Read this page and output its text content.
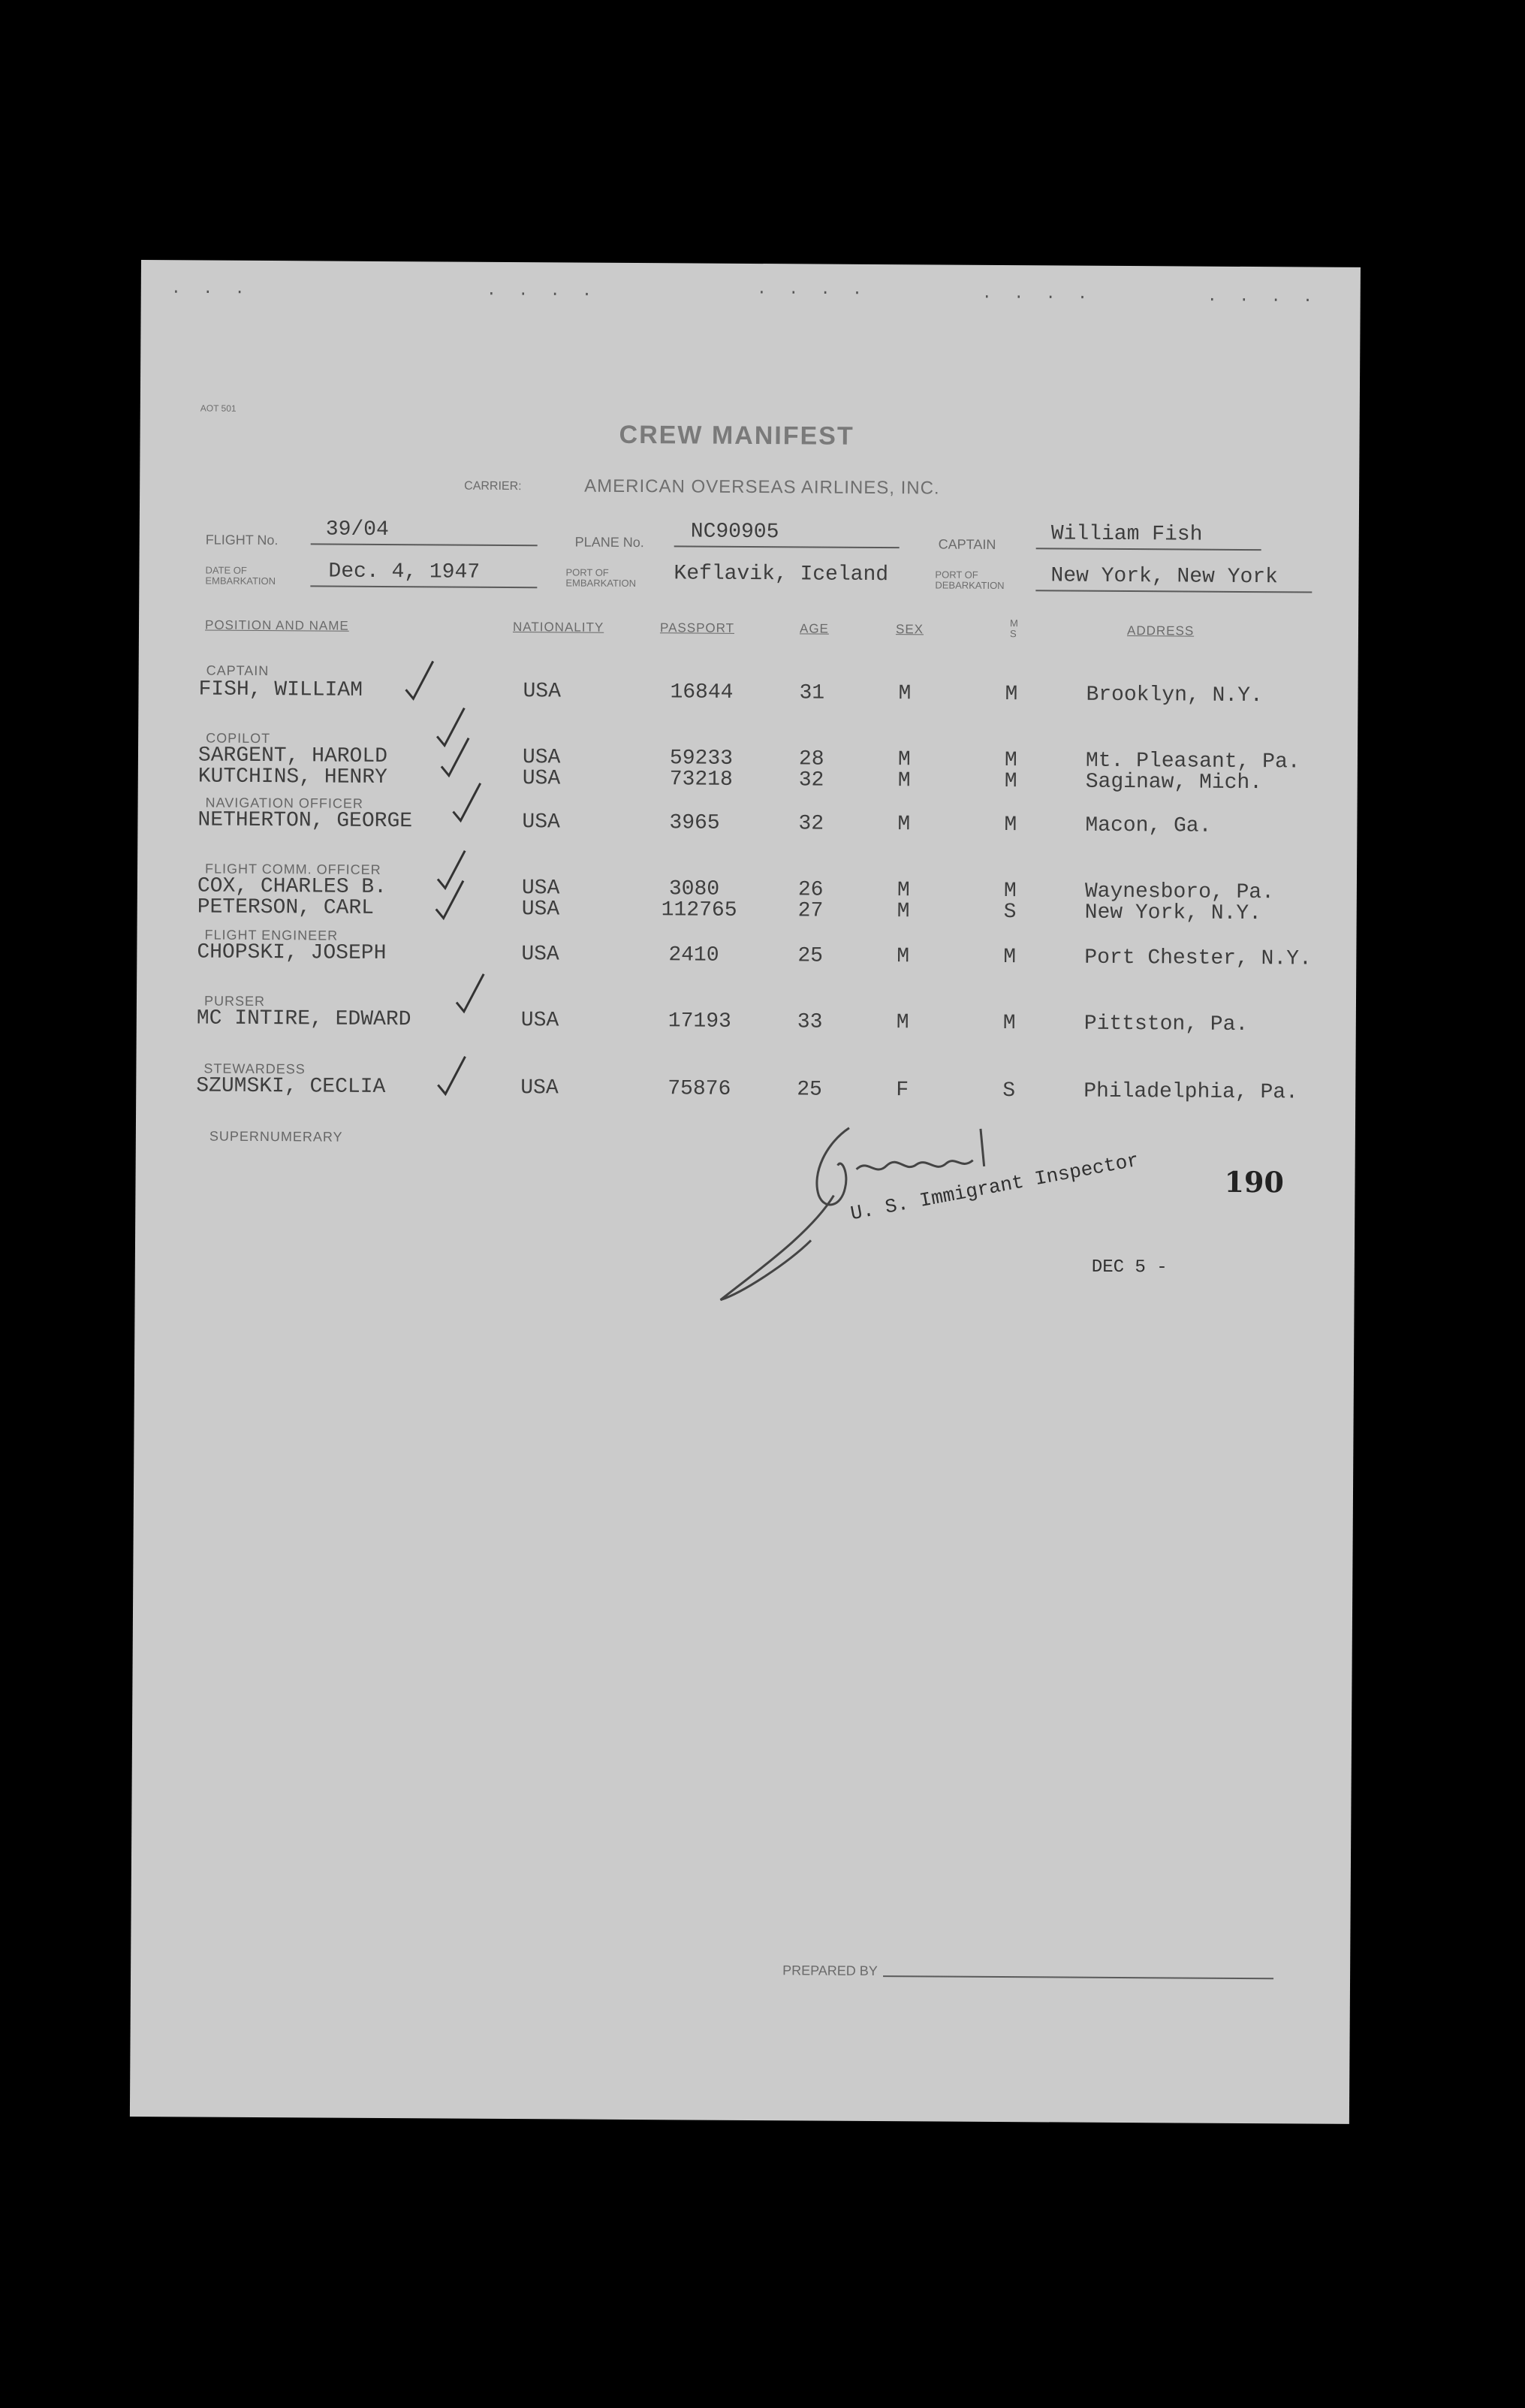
· · ·	· · · ·	· · · ·	· · · ·	· · · ·
AOT 501
CREW MANIFEST
CARRIER:	AMERICAN OVERSEAS AIRLINES, INC.
FLIGHT No. 39/04
PLANE No. NC90905
CAPTAIN	William Fish
DATE OF EMBARKATION	Dec. 4, 1947	PORT OF EMBARKATION	Keflavik, Iceland	PORT OF DEBARKATION	New York, New York
POSITION AND NAME	NATIONALITY	PASSPORT	AGE	SEX	M S	ADDRESS
CAPTAIN
FISH, WILLIAM	USA	16844	31	M	M	Brooklyn, N.Y.
COPILOT
SARGENT, HAROLD	USA	59233	28	M	M	Mt. Pleasant, Pa.
KUTCHINS, HENRY	USA	73218	32	M	M	Saginaw, Mich.
NAVIGATION OFFICER
NETHERTON, GEORGE	USA	3965	32	M	M	Macon, Ga.
FLIGHT COMM. OFFICER
COX, CHARLES B.	USA	3080	26	M	M	Waynesboro, Pa.
PETERSON, CARL	USA	112765	27	M	S	New York, N.Y.
FLIGHT ENGINEER
CHOPSKI, JOSEPH	USA	2410	25	M	M	Port Chester, N.Y.
PURSER
MC INTIRE, EDWARD	USA	17193	33	M	M	Pittston, Pa.
STEWARDESS
SZUMSKI, CECLIA	USA	75876	25	F	S	Philadelphia, Pa.
SUPERNUMERARY
190
U. S. Immigrant Inspector
DEC 5 -
PREPARED BY
